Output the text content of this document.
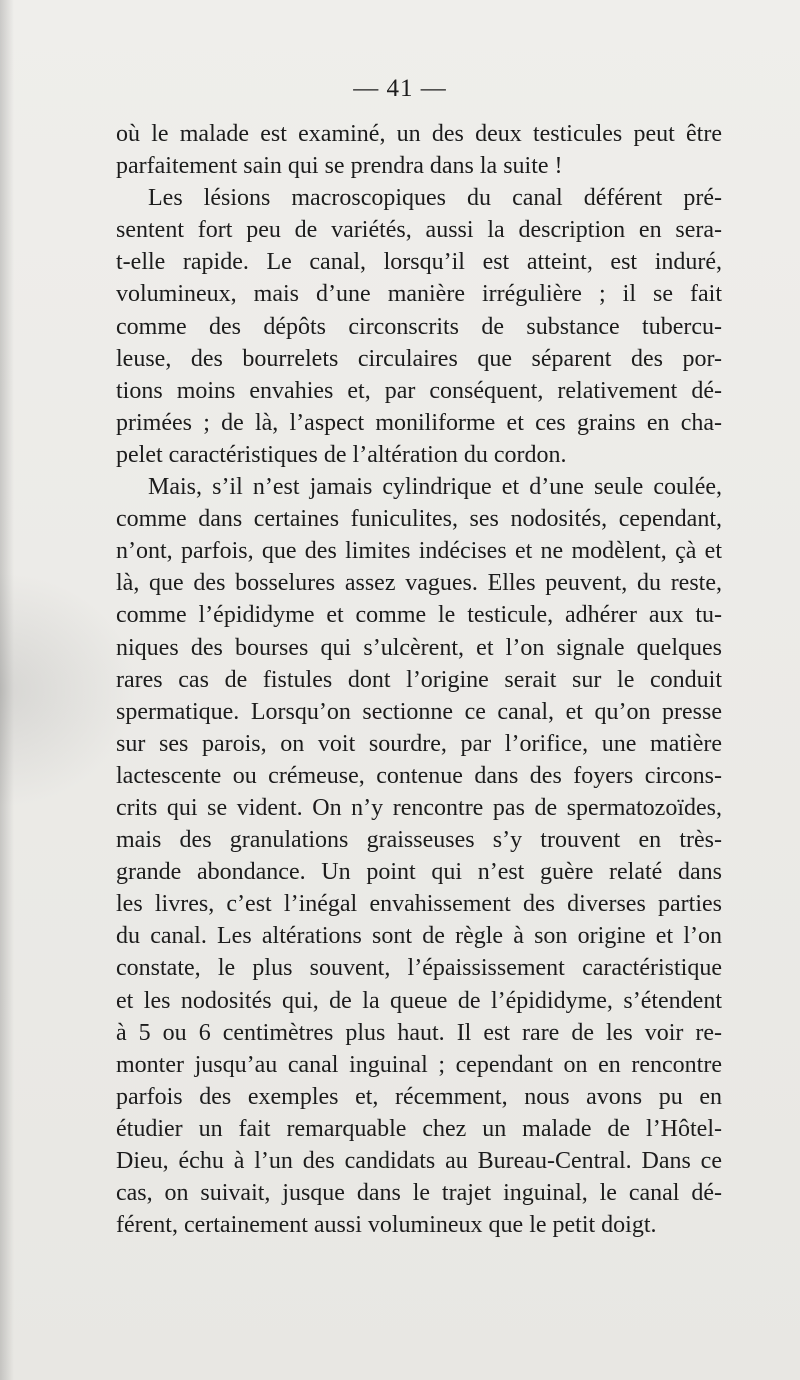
— 41 —
où le malade est examiné, un des deux testicules peut être
parfaitement sain qui se prendra dans la suite !
Les lésions macroscopiques du canal déférent pré-
sentent fort peu de variétés, aussi la description en sera-
t-elle rapide. Le canal, lorsqu’il est atteint, est induré,
volumineux, mais d’une manière irrégulière ; il se fait
comme des dépôts circonscrits de substance tubercu-
leuse, des bourrelets circulaires que séparent des por-
tions moins envahies et, par conséquent, relativement dé-
primées ; de là, l’aspect moniliforme et ces grains en cha-
pelet caractéristiques de l’altération du cordon.
Mais, s’il n’est jamais cylindrique et d’une seule coulée,
comme dans certaines funiculites, ses nodosités, cependant,
n’ont, parfois, que des limites indécises et ne modèlent, çà et
là, que des bosselures assez vagues. Elles peuvent, du reste,
comme l’épididyme et comme le testicule, adhérer aux tu-
niques des bourses qui s’ulcèrent, et l’on signale quelques
rares cas de fistules dont l’origine serait sur le conduit
spermatique. Lorsqu’on sectionne ce canal, et qu’on presse
sur ses parois, on voit sourdre, par l’orifice, une matière
lactescente ou crémeuse, contenue dans des foyers circons-
crits qui se vident. On n’y rencontre pas de spermatozoïdes,
mais des granulations graisseuses s’y trouvent en très-
grande abondance. Un point qui n’est guère relaté dans
les livres, c’est l’inégal envahissement des diverses parties
du canal. Les altérations sont de règle à son origine et l’on
constate, le plus souvent, l’épaississement caractéristique
et les nodosités qui, de la queue de l’épididyme, s’étendent
à 5 ou 6 centimètres plus haut. Il est rare de les voir re-
monter jusqu’au canal inguinal ; cependant on en rencontre
parfois des exemples et, récemment, nous avons pu en
étudier un fait remarquable chez un malade de l’Hôtel-
Dieu, échu à l’un des candidats au Bureau-Central. Dans ce
cas, on suivait, jusque dans le trajet inguinal, le canal dé-
férent, certainement aussi volumineux que le petit doigt.
